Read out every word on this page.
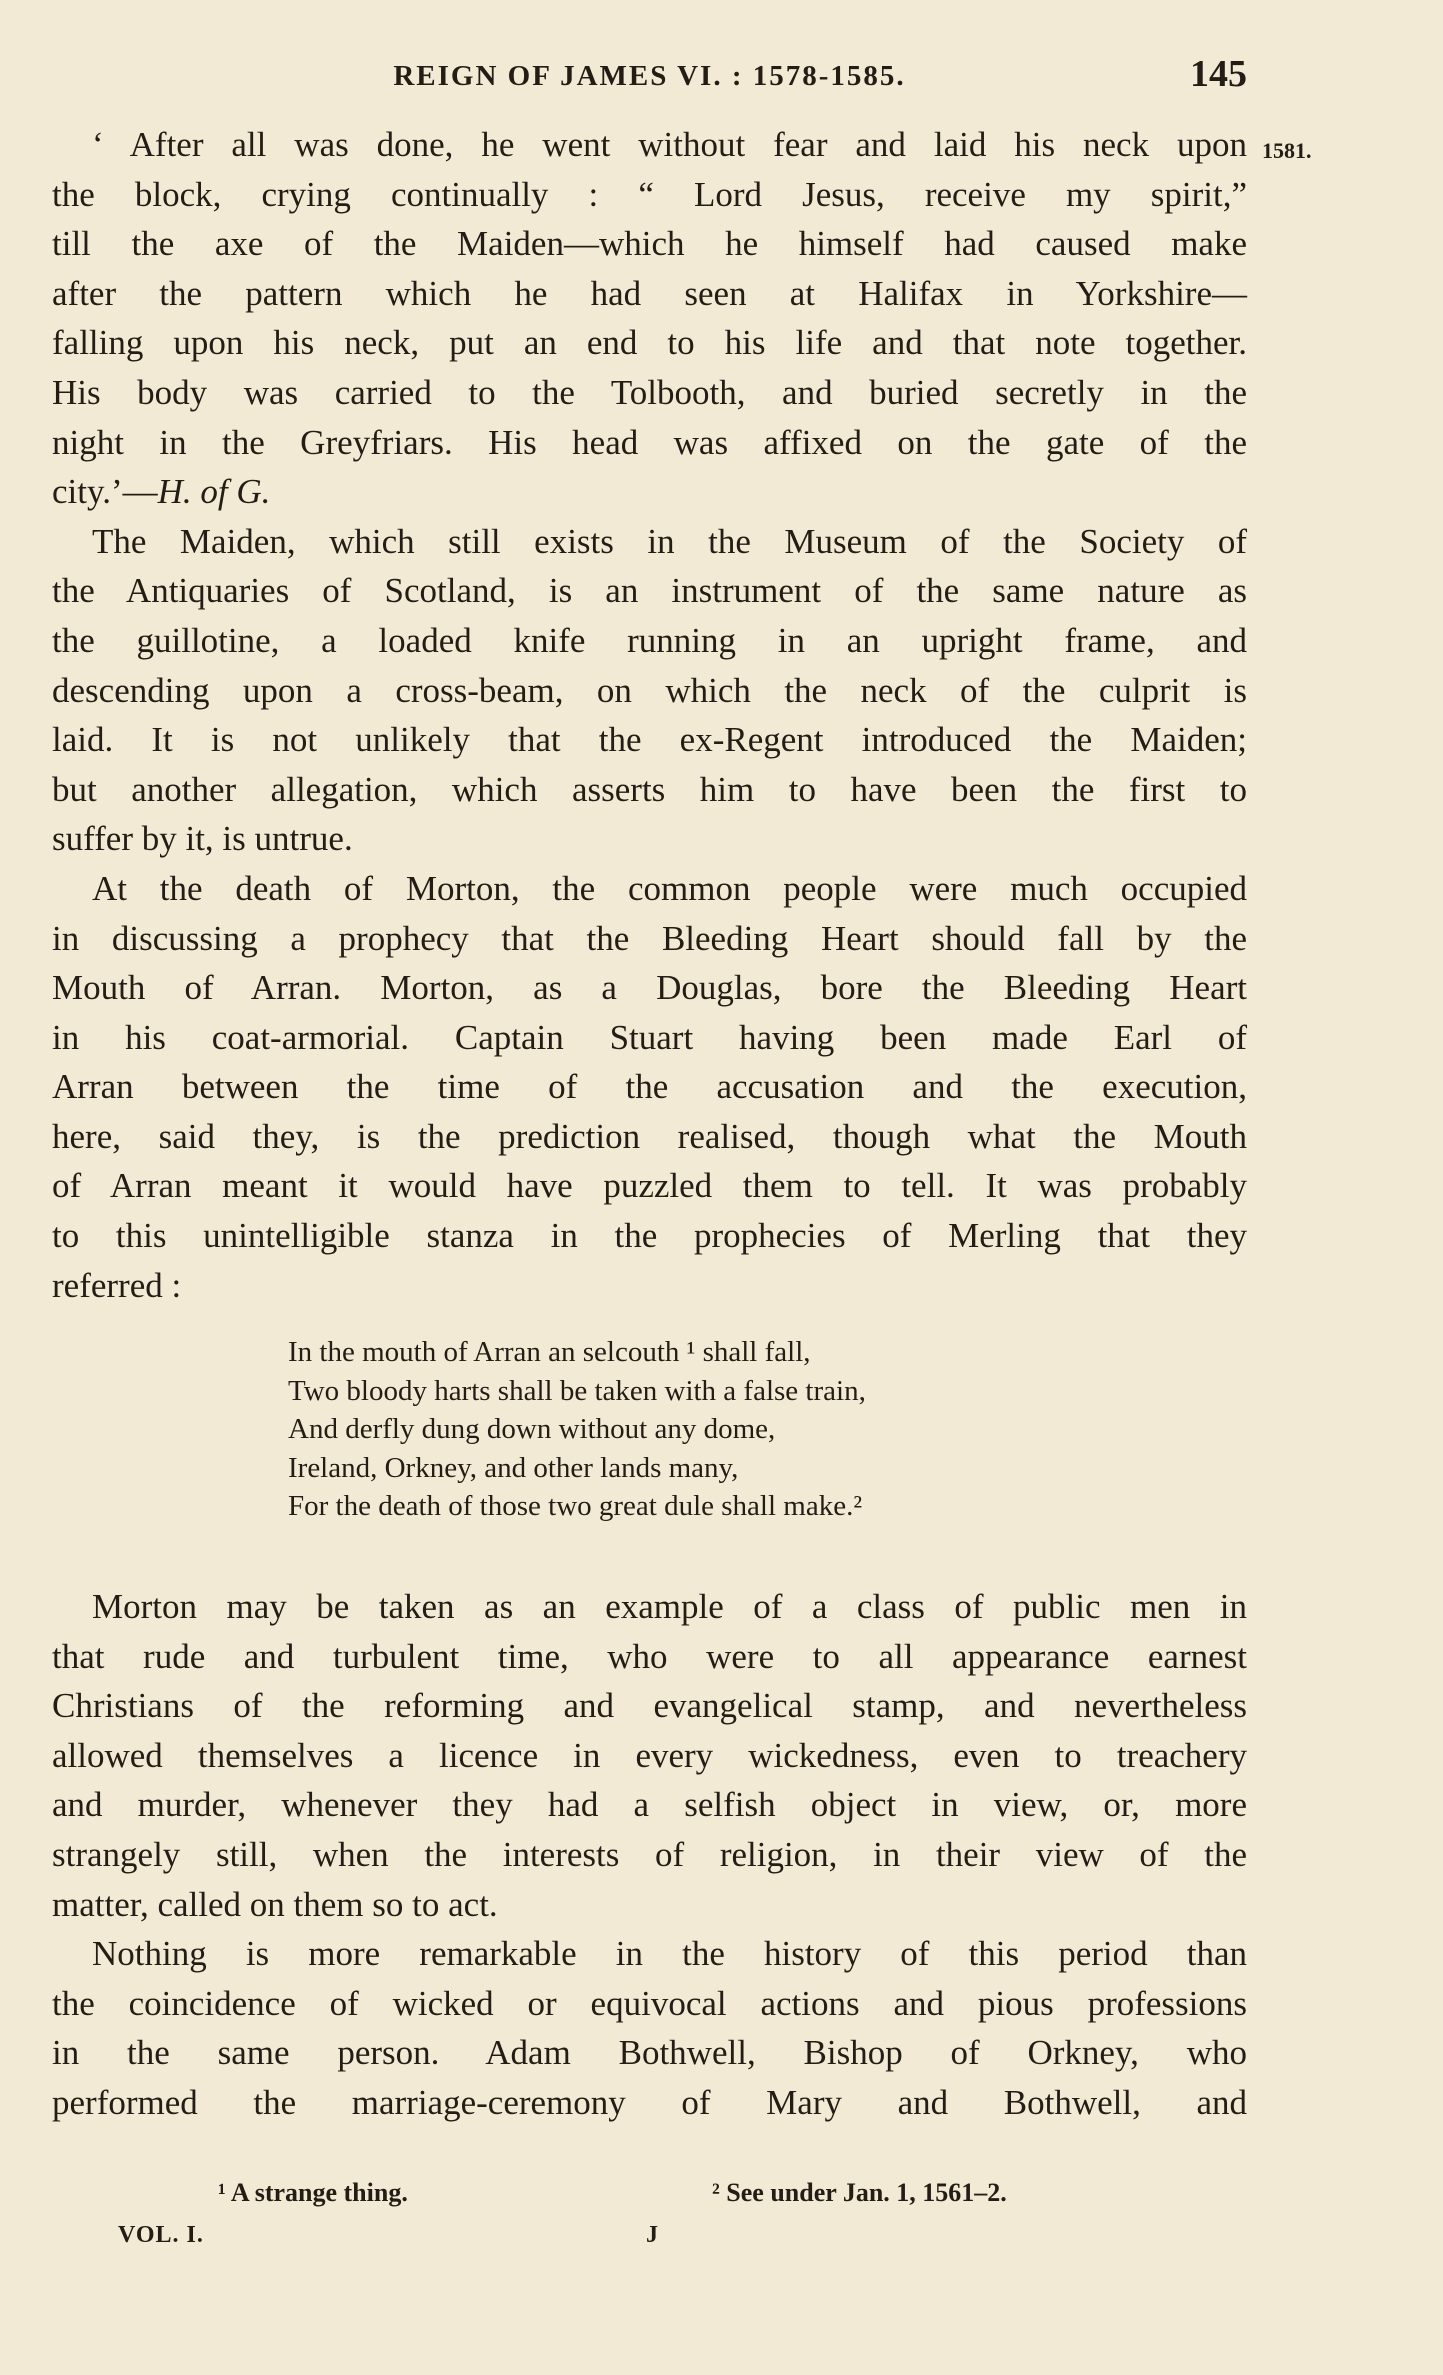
REIGN OF JAMES VI. : 1578-1585.	145
1581.
‘ After all was done, he went without fear and laid his neck upon
the block, crying continually : “ Lord Jesus, receive my spirit,”
till the axe of the Maiden—which he himself had caused make
after the pattern which he had seen at Halifax in Yorkshire—
falling upon his neck, put an end to his life and that note together.
His body was carried to the Tolbooth, and buried secretly in the
night in the Greyfriars. His head was affixed on the gate of the
city.’—H. of G.
The Maiden, which still exists in the Museum of the Society of
the Antiquaries of Scotland, is an instrument of the same nature as
the guillotine, a loaded knife running in an upright frame, and
descending upon a cross-beam, on which the neck of the culprit is
laid. It is not unlikely that the ex-Regent introduced the Maiden;
but another allegation, which asserts him to have been the first to
suffer by it, is untrue.
At the death of Morton, the common people were much occupied
in discussing a prophecy that the Bleeding Heart should fall by the
Mouth of Arran. Morton, as a Douglas, bore the Bleeding Heart
in his coat-armorial. Captain Stuart having been made Earl of
Arran between the time of the accusation and the execution,
here, said they, is the prediction realised, though what the Mouth
of Arran meant it would have puzzled them to tell. It was probably
to this unintelligible stanza in the prophecies of Merling that they
referred :
In the mouth of Arran an selcouth ¹ shall fall,
Two bloody harts shall be taken with a false train,
And derfly dung down without any dome,
Ireland, Orkney, and other lands many,
For the death of those two great dule shall make.²
Morton may be taken as an example of a class of public men in
that rude and turbulent time, who were to all appearance earnest
Christians of the reforming and evangelical stamp, and nevertheless
allowed themselves a licence in every wickedness, even to treachery
and murder, whenever they had a selfish object in view, or, more
strangely still, when the interests of religion, in their view of the
matter, called on them so to act.
Nothing is more remarkable in the history of this period than
the coincidence of wicked or equivocal actions and pious professions
in the same person. Adam Bothwell, Bishop of Orkney, who
performed the marriage-ceremony of Mary and Bothwell, and
¹ A strange thing.	² See under Jan. 1, 1561–2.
VOL. I.	J
